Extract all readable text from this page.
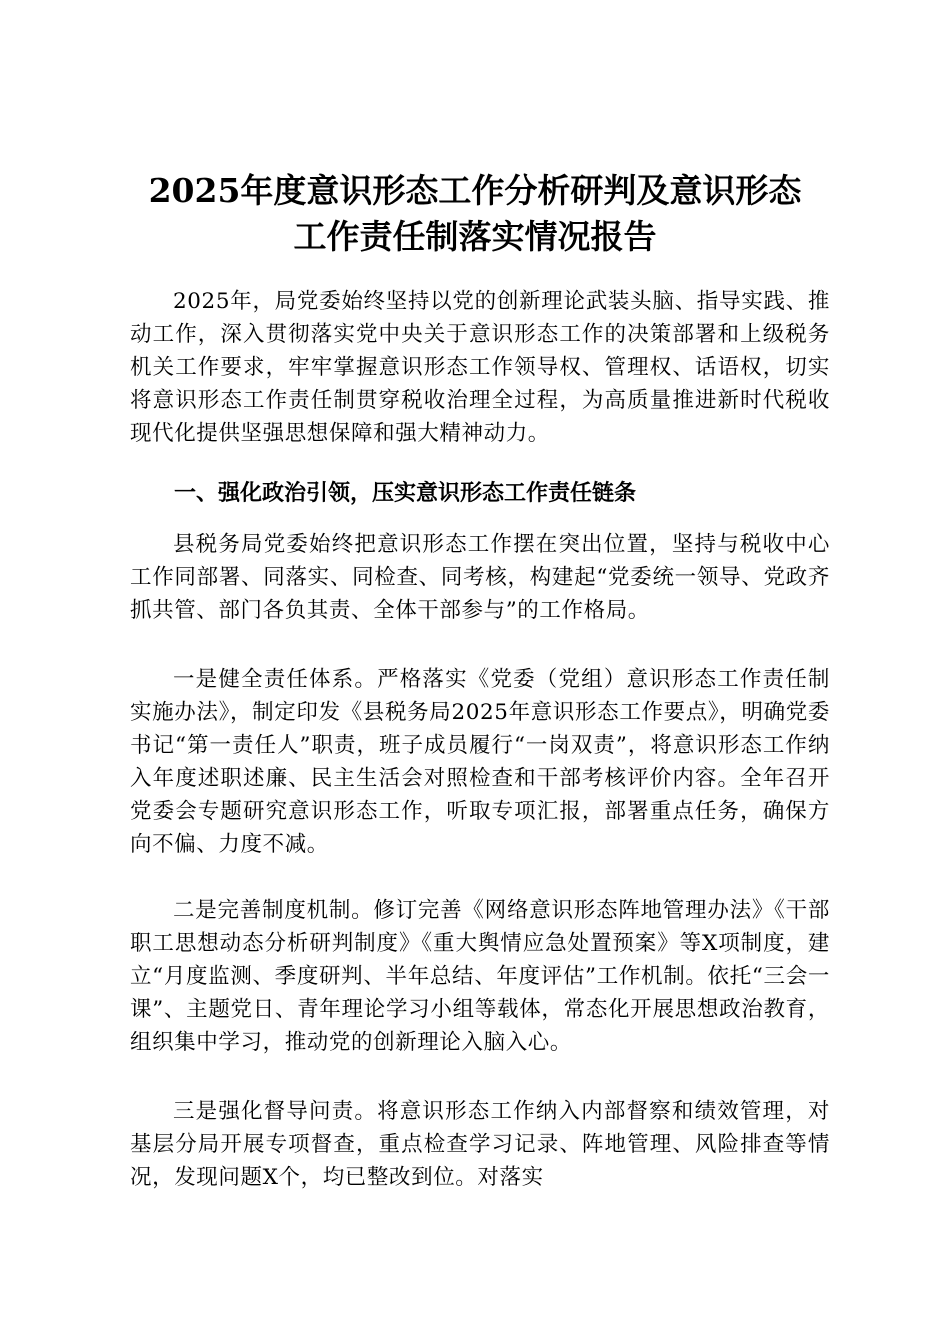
2025年度意识形态工作分析研判及意识形态
工作责任制落实情况报告

2025年，局党委始终坚持以党的创新理论武装头脑、指导实践、推动工作，深入贯彻落实党中央关于意识形态工作的决策部署和上级税务机关工作要求，牢牢掌握意识形态工作领导权、管理权、话语权，切实将意识形态工作责任制贯穿税收治理全过程，为高质量推进新时代税收现代化提供坚强思想保障和强大精神动力。

一、强化政治引领，压实意识形态工作责任链条

县税务局党委始终把意识形态工作摆在突出位置，坚持与税收中心工作同部署、同落实、同检查、同考核，构建起“党委统一领导、党政齐抓共管、部门各负其责、全体干部参与”的工作格局。

一是健全责任体系。严格落实《党委（党组）意识形态工作责任制实施办法》，制定印发《县税务局2025年意识形态工作要点》，明确党委书记“第一责任人”职责，班子成员履行“一岗双责”，将意识形态工作纳入年度述职述廉、民主生活会对照检查和干部考核评价内容。全年召开党委会专题研究意识形态工作，听取专项汇报，部署重点任务，确保方向不偏、力度不减。

二是完善制度机制。修订完善《网络意识形态阵地管理办法》《干部职工思想动态分析研判制度》《重大舆情应急处置预案》等X项制度，建立“月度监测、季度研判、半年总结、年度评估”工作机制。依托“三会一课”、主题党日、青年理论学习小组等载体，常态化开展思想政治教育，组织集中学习，推动党的创新理论入脑入心。

三是强化督导问责。将意识形态工作纳入内部督察和绩效管理，对基层分局开展专项督查，重点检查学习记录、阵地管理、风险排查等情况，发现问题X个，均已整改到位。对落实
